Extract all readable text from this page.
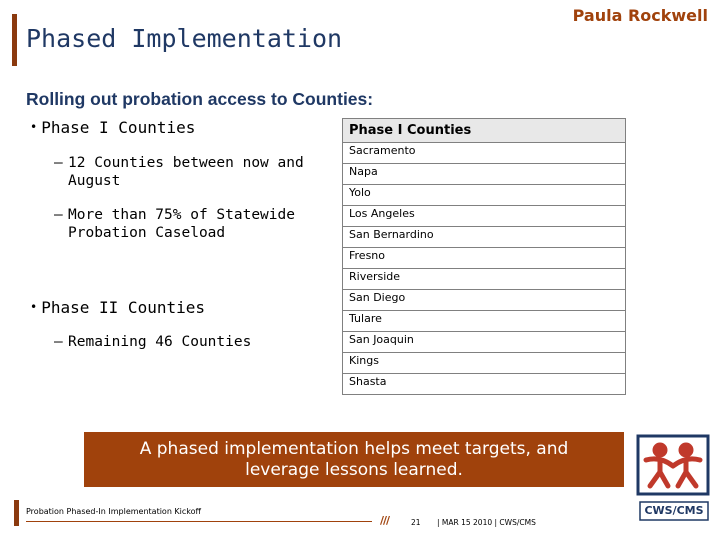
Phased Implementation
Paula Rockwell
Rolling out probation access to Counties:
• Phase I Counties
– 12 Counties between now and
August
– More than 75% of Statewide
Probation Caseload
• Phase II Counties
– Remaining 46 Counties
Phase I Counties
Sacramento
Napa
Yolo
Los Angeles
San Bernardino
Fresno
Riverside
San Diego
Tulare
San Joaquin
Kings
Shasta
A phased implementation helps meet targets, and
leverage lessons learned.
CWS/CMS
Probation Phased-In Implementation Kickoff
///	21 | MAR 15 2010 | CWS/CMS
